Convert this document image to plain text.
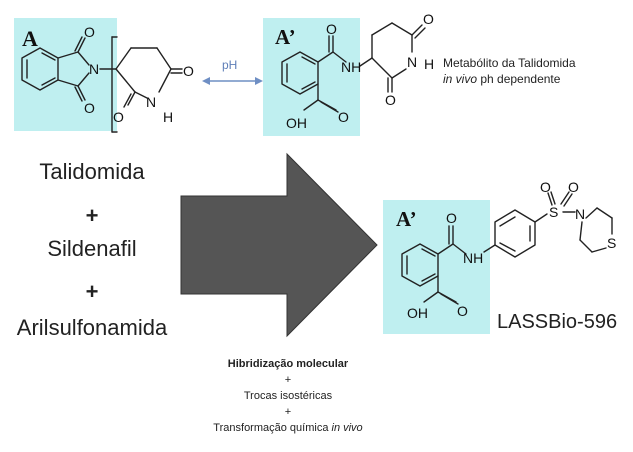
A	A’
A’
O
N
O
O
N
H
O
O
NH
O
OH
O
N H
O
O
NH
O
OH
S
O O
N
S
pH	Metabólito da Talidomida
in vivo ph dependente
Talidomida
+
Sildenafil
+
Arilsulfonamida	LASSBio-596
Hibridização molecular
+
Trocas isostéricas
+
Transformação química in vivo
